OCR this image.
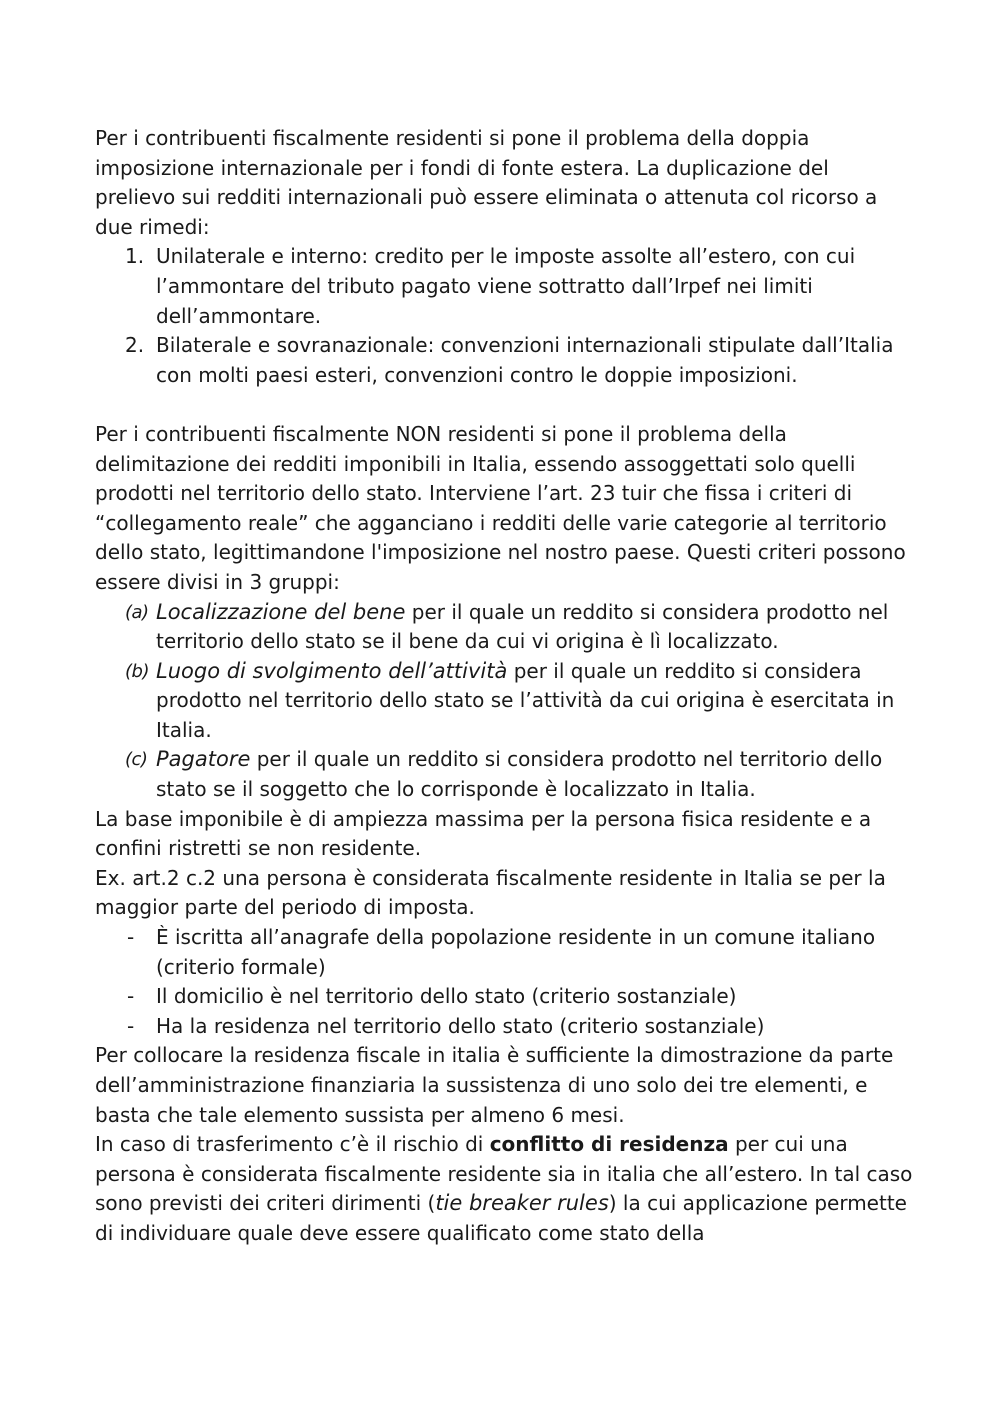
Per i contribuenti fiscalmente residenti si pone il problema della doppia imposizione internazionale per i fondi di fonte estera. La duplicazione del prelievo sui redditi internazionali può essere eliminata o attenuta col ricorso a due rimedi:

1. Unilaterale e interno: credito per le imposte assolte all’estero, con cui l’ammontare del tributo pagato viene sottratto dall’Irpef nei limiti dell’ammontare.
2. Bilaterale e sovranazionale: convenzioni internazionali stipulate dall’Italia con molti paesi esteri, convenzioni contro le doppie imposizioni.

Per i contribuenti fiscalmente NON residenti si pone il problema della delimitazione dei redditi imponibili in Italia, essendo assoggettati solo quelli prodotti nel territorio dello stato. Interviene l’art. 23 tuir che fissa i criteri di “collegamento reale” che agganciano i redditi delle varie categorie al territorio dello stato, legittimandone l'imposizione nel nostro paese. Questi criteri possono essere divisi in 3 gruppi:

(a) Localizzazione del bene per il quale un reddito si considera prodotto nel territorio dello stato se il bene da cui vi origina è lì localizzato.
(b) Luogo di svolgimento dell’attività per il quale un reddito si considera prodotto nel territorio dello stato se l’attività da cui origina è esercitata in Italia.
(c) Pagatore per il quale un reddito si considera prodotto nel territorio dello stato se il soggetto che lo corrisponde è localizzato in Italia.

La base imponibile è di ampiezza massima per la persona fisica residente e a confini ristretti se non residente.

Ex. art.2 c.2 una persona è considerata fiscalmente residente in Italia se per la maggior parte del periodo di imposta.

- È iscritta all’anagrafe della popolazione residente in un comune italiano (criterio formale)
- Il domicilio è nel territorio dello stato (criterio sostanziale)
- Ha la residenza nel territorio dello stato (criterio sostanziale)

Per collocare la residenza fiscale in italia è sufficiente la dimostrazione da parte dell’amministrazione finanziaria la sussistenza di uno solo dei tre elementi, e basta che tale elemento sussista per almeno 6 mesi.

In caso di trasferimento c’è il rischio di conflitto di residenza per cui una persona è considerata fiscalmente residente sia in italia che all’estero. In tal caso sono previsti dei criteri dirimenti (tie breaker rules) la cui applicazione permette di individuare quale deve essere qualificato come stato della
